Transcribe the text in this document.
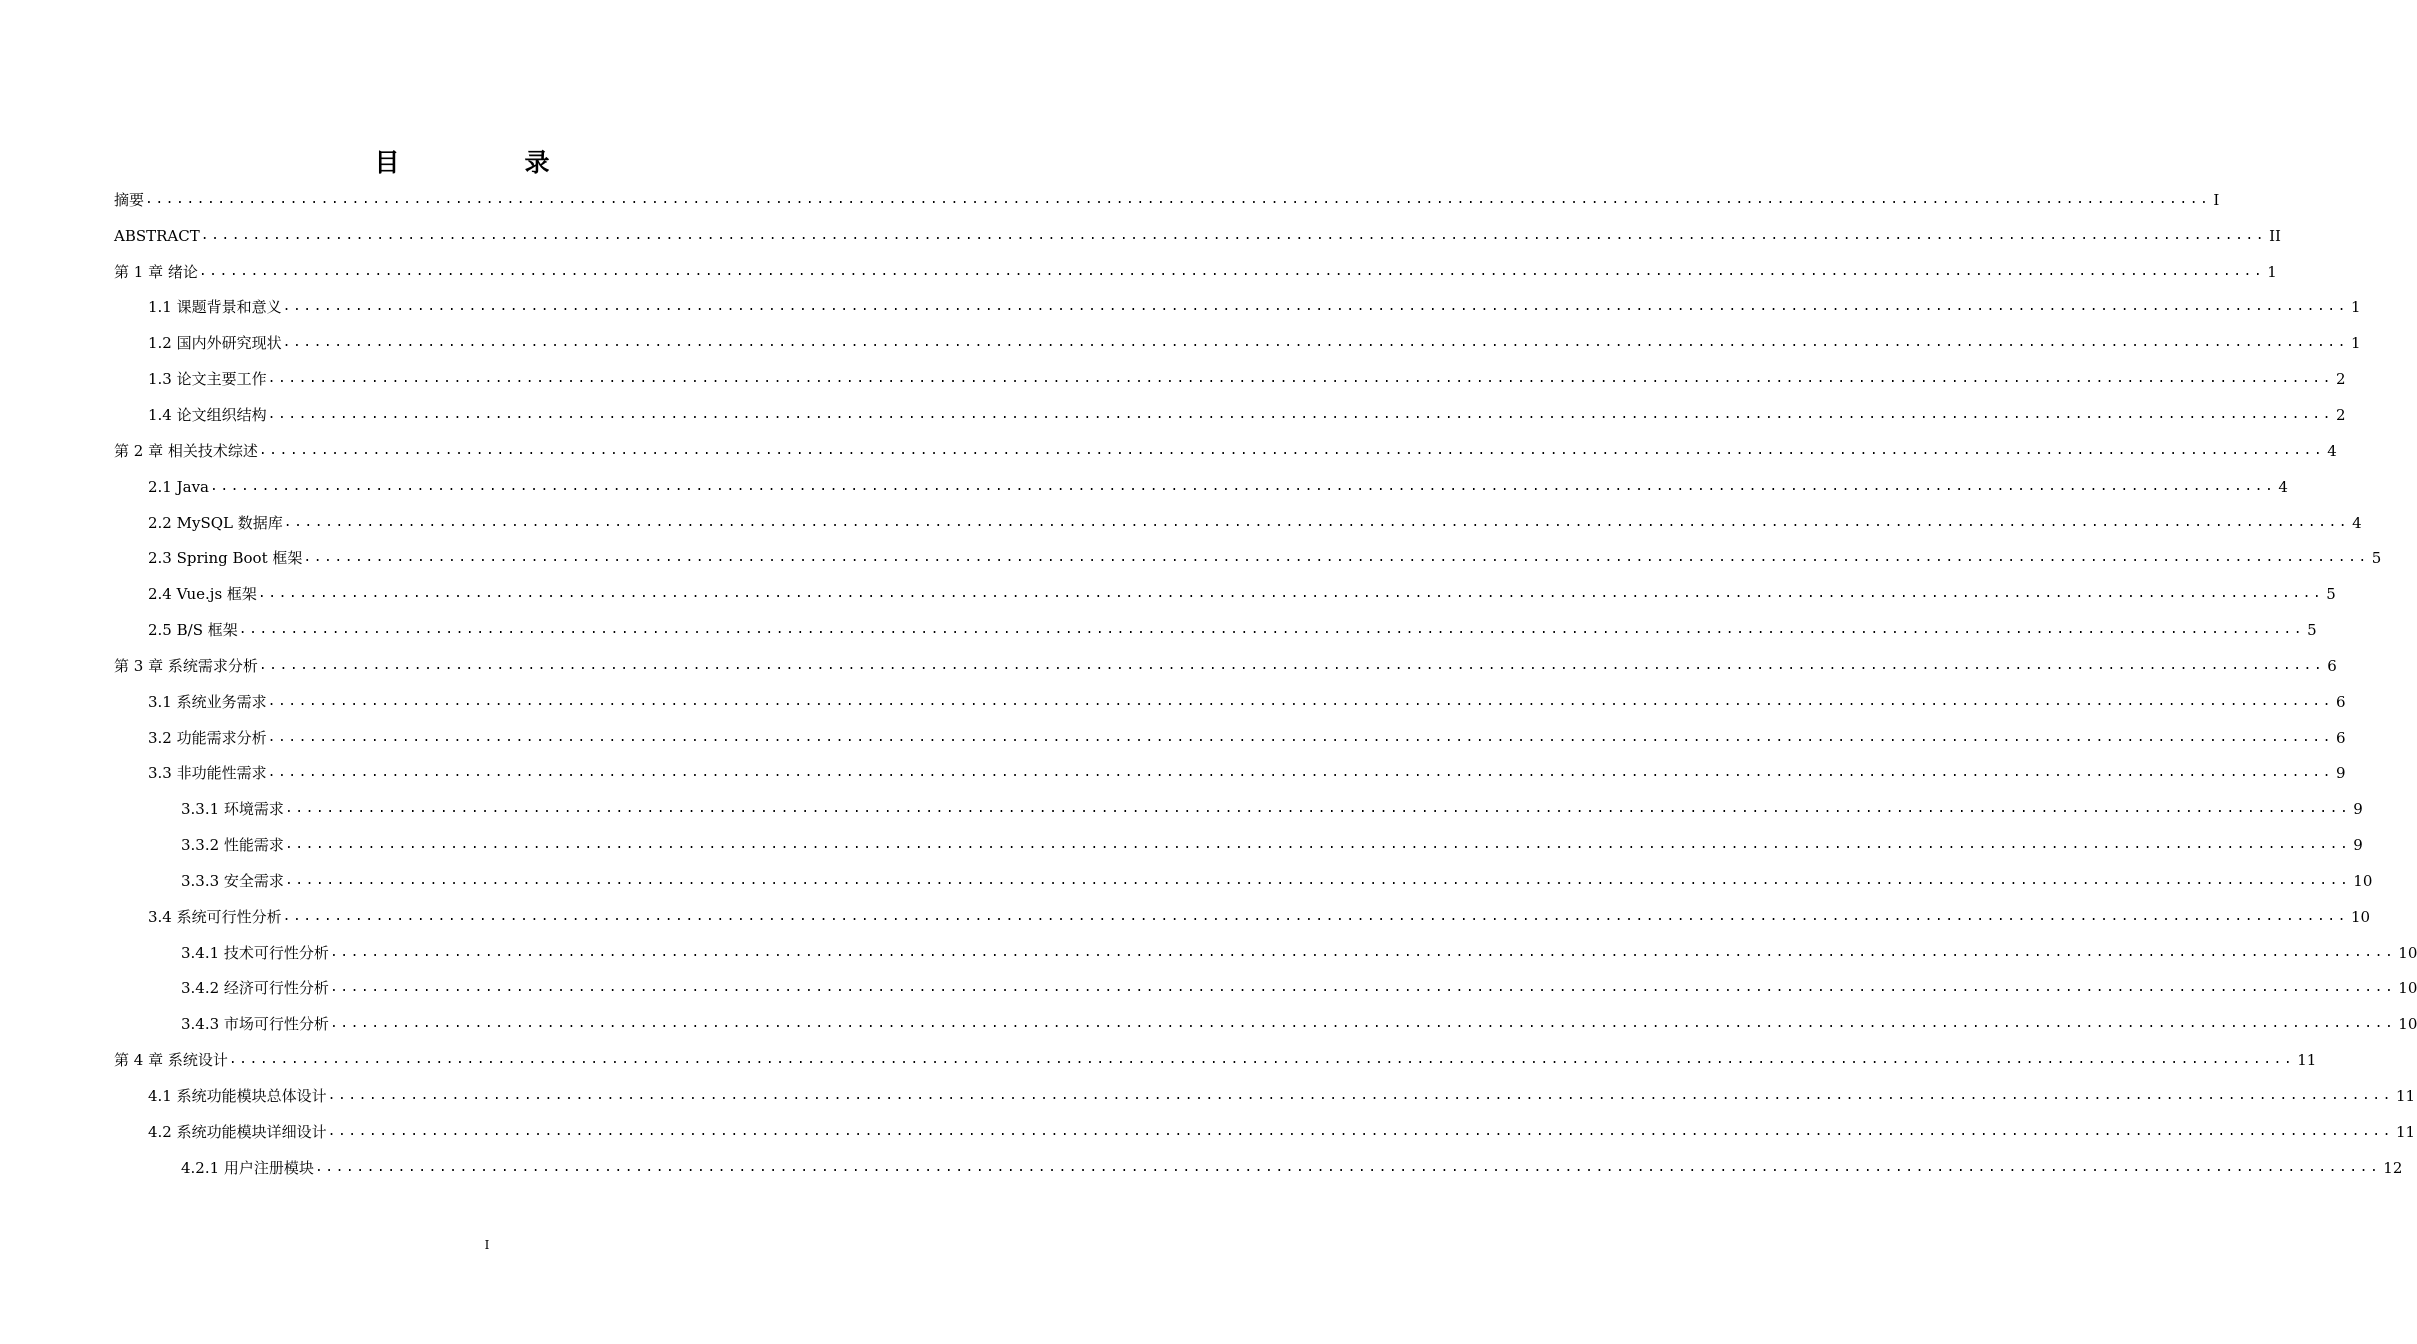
目　录
摘要 ........................................................................................................................................................................................................ I
ABSTRACT ........................................................................................................................................................................................................ II
第 1 章 绪论 ........................................................................................................................................................................................................ 1
1.1 课题背景和意义 ........................................................................................................................................................................................................ 1
1.2 国内外研究现状 ........................................................................................................................................................................................................ 1
1.3 论文主要工作 ........................................................................................................................................................................................................ 2
1.4 论文组织结构 ........................................................................................................................................................................................................ 2
第 2 章 相关技术综述 ........................................................................................................................................................................................................ 4
2.1 Java ........................................................................................................................................................................................................ 4
2.2 MySQL 数据库 ........................................................................................................................................................................................................ 4
2.3 Spring Boot 框架 ........................................................................................................................................................................................................ 5
2.4 Vue.js 框架 ........................................................................................................................................................................................................ 5
2.5 B/S 框架 ........................................................................................................................................................................................................ 5
第 3 章 系统需求分析 ........................................................................................................................................................................................................ 6
3.1 系统业务需求 ........................................................................................................................................................................................................ 6
3.2 功能需求分析 ........................................................................................................................................................................................................ 6
3.3 非功能性需求 ........................................................................................................................................................................................................ 9
3.3.1 环境需求 ........................................................................................................................................................................................................ 9
3.3.2 性能需求 ........................................................................................................................................................................................................ 9
3.3.3 安全需求 ........................................................................................................................................................................................................ 10
3.4 系统可行性分析 ........................................................................................................................................................................................................ 10
3.4.1 技术可行性分析 ........................................................................................................................................................................................................ 10
3.4.2 经济可行性分析 ........................................................................................................................................................................................................ 10
3.4.3 市场可行性分析 ........................................................................................................................................................................................................ 10
第 4 章 系统设计 ........................................................................................................................................................................................................ 11
4.1 系统功能模块总体设计 ........................................................................................................................................................................................................ 11
4.2 系统功能模块详细设计 ........................................................................................................................................................................................................ 11
4.2.1 用户注册模块 ........................................................................................................................................................................................................ 12
I
